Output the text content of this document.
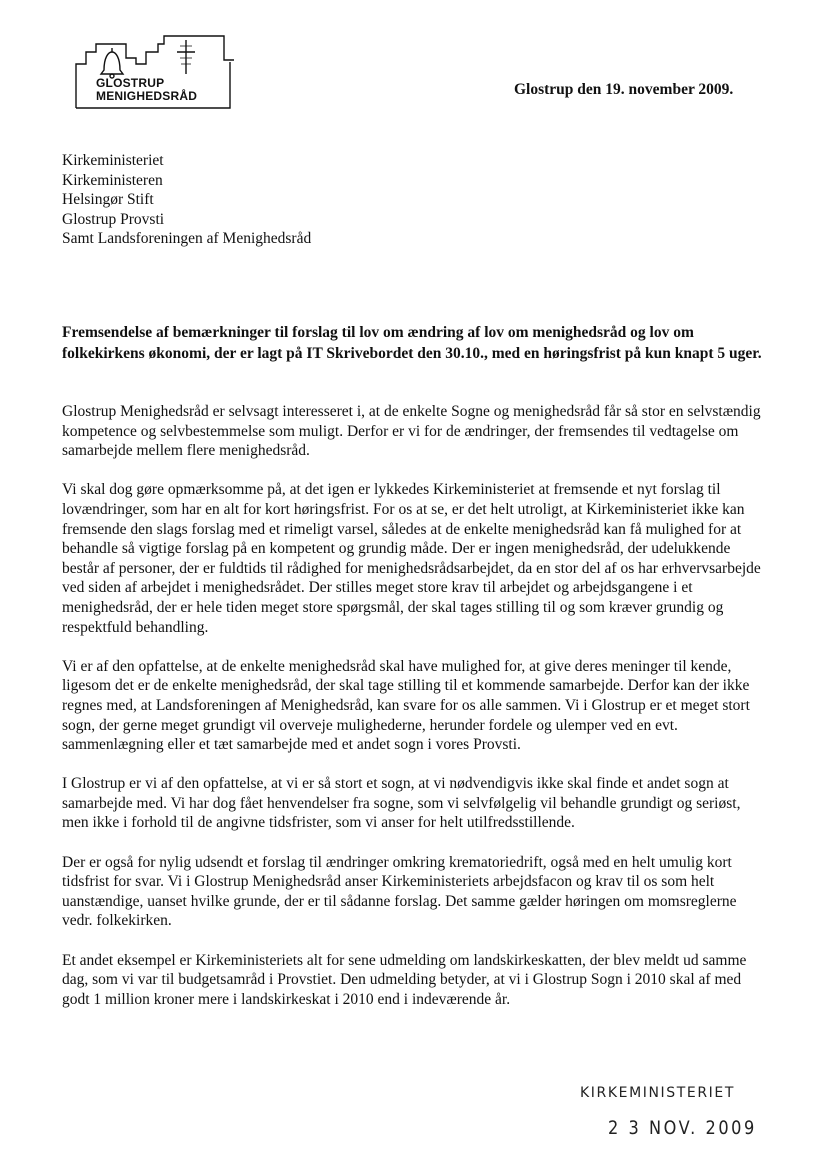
GLOSTRUP
MENIGHEDSRÅD	Glostrup den 19. november 2009.
Kirkeministeriet
Kirkeministeren
Helsingør Stift
Glostrup Provsti
Samt Landsforeningen af Menighedsråd
Fremsendelse af bemærkninger til forslag til lov om ændring af lov om menighedsråd og lov om folkekirkens økonomi, der er lagt på IT Skrivebordet den 30.10., med en høringsfrist på kun knapt 5 uger.

Glostrup Menighedsråd er selvsagt interesseret i, at de enkelte Sogne og menighedsråd får så stor en selvstændig kompetence og selvbestemmelse som muligt. Derfor er vi for de ændringer, der fremsendes til vedtagelse om samarbejde mellem flere menighedsråd.

Vi skal dog gøre opmærksomme på, at det igen er lykkedes Kirkeministeriet at fremsende et nyt forslag til lovændringer, som har en alt for kort høringsfrist. For os at se, er det helt utroligt, at Kirkeministeriet ikke kan fremsende den slags forslag med et rimeligt varsel, således at de enkelte menighedsråd kan få mulighed for at behandle så vigtige forslag på en kompetent og grundig måde. Der er ingen menighedsråd, der udelukkende består af personer, der er fuldtids til rådighed for menighedsrådsarbejdet, da en stor del af os har erhvervsarbejde ved siden af arbejdet i menighedsrådet. Der stilles meget store krav til arbejdet og arbejdsgangene i et menighedsråd, der er hele tiden meget store spørgsmål, der skal tages stilling til og som kræver grundig og respektfuld behandling.

Vi er af den opfattelse, at de enkelte menighedsråd skal have mulighed for, at give deres meninger til kende, ligesom det er de enkelte menighedsråd, der skal tage stilling til et kommende samarbejde. Derfor kan der ikke regnes med, at Landsforeningen af Menighedsråd, kan svare for os alle sammen. Vi i Glostrup er et meget stort sogn, der gerne meget grundigt vil overveje mulighederne, herunder fordele og ulemper ved en evt. sammenlægning eller et tæt samarbejde med et andet sogn i vores Provsti.

I Glostrup er vi af den opfattelse, at vi er så stort et sogn, at vi nødvendigvis ikke skal finde et andet sogn at samarbejde med. Vi har dog fået henvendelser fra sogne, som vi selvfølgelig vil behandle grundigt og seriøst, men ikke i forhold til de angivne tidsfrister, som vi anser for helt utilfredsstillende.

Der er også for nylig udsendt et forslag til ændringer omkring krematoriedrift, også med en helt umulig kort tidsfrist for svar. Vi i Glostrup Menighedsråd anser Kirkeministeriets arbejdsfacon og krav til os som helt uanstændige, uanset hvilke grunde, der er til sådanne forslag. Det samme gælder høringen om momsreglerne vedr. folkekirken.

Et andet eksempel er Kirkeministeriets alt for sene udmelding om landskirkeskatten, der blev meldt ud samme dag, som vi var til budgetsamråd i Provstiet. Den udmelding betyder, at vi i Glostrup Sogn i 2010 skal af med godt 1 million kroner mere i landskirkeskat i 2010 end i indeværende år.

KIRKEMINISTERIET
2 3 NOV. 2009
